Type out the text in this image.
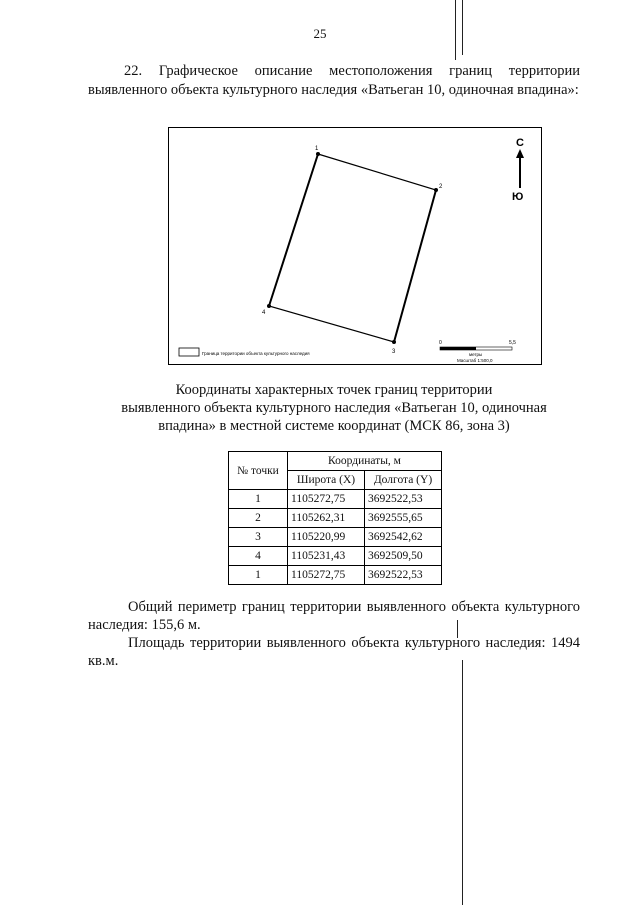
25
22. Графическое описание местоположения границ территории выявленного объекта культурного наследия «Ватьеган 10, одиночная впадина»:
1
2
3
4
С
Ю
0	5,5
метры
Масштаб 1:500,0
Граница территории объекта культурного наследия
Координаты характерных точек границ территории
выявленного объекта культурного наследия «Ватьеган 10, одиночная
впадина» в местной системе координат (МСК 86, зона 3)
№ точки	Координаты, м	
	Широта (X)	Долгота (Y)
1	1105272,75	3692522,53
2	1105262,31	3692555,65
3	1105220,99	3692542,62
4	1105231,43	3692509,50
1	1105272,75	3692522,53
Общий периметр границ территории выявленного объекта культурного наследия: 155,6 м.
Площадь территории выявленного объекта культурного наследия: 1494 кв.м.
